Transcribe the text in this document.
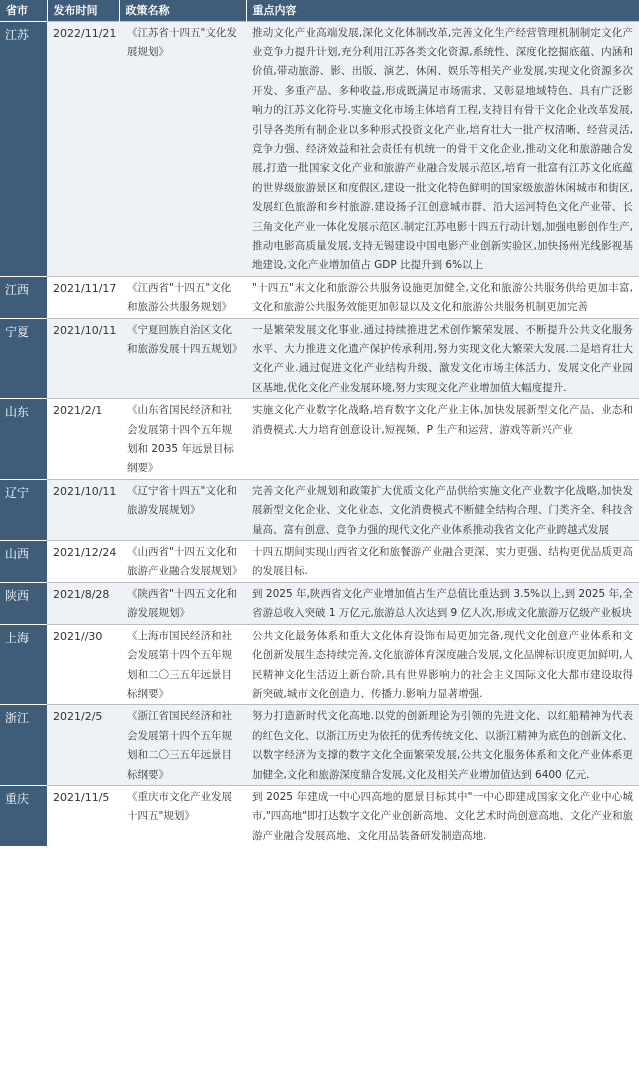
省市	发布时间	政策名称	重点内容
江苏	2022/11/21	《江苏省十四五"文化发展规划》	推动文化产业高端发展,深化文化体制改革,完善文化生产经营管理机制制定文化产业竞争力提升计划,充分利用江苏各类文化资源,系统性、深度化挖掘底蕴、内涵和价值,带动旅游、影、出版、演艺、休闲、娱乐等相关产业发展,实现文化资源多次开发、多重产品、多种收益,形成既满足市场需求、又彰显地域特色、具有广泛影响力的江苏文化符号.实施文化市场主体培育工程,支持目有骨干文化企业改革发展,引导各类所有制企业以多种形式投资文化产业,培育壮大一批产权清晰、经营灵活,竞争力强、经济效益和社会责任有机统一的骨干文化企业,推动文化和旅游融合发展,打造一批国家文化产业和旅游产业融合发展示范区,培育一批富有江苏文化底蕴的世界级旅游景区和度假区,建设一批文化特色鲜明的国家级旅游休闲城市和街区,发展红色旅游和乡村旅游.建设扬子江创意城市群、沿大运河特色文化产业带、长三角文化产业一体化发展示范区.制定江苏电影十四五行动计划,加强电影创作生产,推动电影高质量发展,支持无锡建设中国电影产业创新实验区,加快扬州光线影视基地建设,文化产业增加值占 GDP 比提升到 6%以上
江西	2021/11/17	《江西省"十四五"文化和旅游公共服务规划》	"十四五"末文化和旅游公共服务设施更加健全,文化和旅游公共服务供给更加丰富,文化和旅游公共服务效能更加彰显以及文化和旅游公共服务机制更加完善
宁夏	2021/10/11	《宁夏回族自治区文化和旅游发展十四五规划》	一是繁荣发展文化事业.通过持续推进艺术创作繁荣发展、不断提升公共文化服务水平、大力推进文化遗产保护传承利用,努力实现文化大繁荣大发展.二是培育壮大文化产业.通过促进文化产业结构升级、激发文化市场主体活力、发展文化产业园区基地,优化文化产业发展环境,努力实现文化产业增加值大幅度提升.
山东	2021/2/1	《山东省国民经济和社会发展第十四个五年规划和 2035 年远景目标纲要》	实施文化产业数字化战略,培育数字文化产业主体,加快发展新型文化产品、业态和消费模式.大力培育创意设计,短视频、P 生产和运营、游戏等新兴产业
辽宁	2021/10/11	《辽宁省十四五"文化和旅游发展规划》	完善文化产业规划和政策扩大优质文化产品供给实施文化产业数字化战略,加快发展新型文化企业、文化业态、文化消费模式不断健全结构合理、门类齐全、科技含量高、富有创意、竞争力强的现代文化产业体系推动我省文化产业跨越式发展
山西	2021/12/24	《山西省"十四五文化和旅游产业融合发展规划》	十四五期间实现山西省文化和旅餐游产业融合更深、实力更强、结构更优品质更高的发展目标.
陕西	2021/8/28	《陕西省"十四五文化和游发展规划》	到 2025 年,陕西省文化产业增加值占生产总值比重达到 3.5%以上,到 2025 年,全省游总收入突破 1 万亿元,旅游总人次达到 9 亿人次,形成文化旅游万亿级产业板块
上海	2021//30	《上海市国民经济和社会发展第十四个五年规划和二〇三五年远景目标纲要》	公共文化最务体系和重大文化体育设饰布局更加完备,现代文化创意产业体系和文化创新发展生态持续完善,文化旅游体育深度融合发展,文化品牌标识度更加鲜明,人民精神文化生活迈上新台阶,具有世界影响力的社会主义国际文化大都市建设取得新突破,城市文化创造力、传播力.影响力显著增强.
浙江	2021/2/5	《浙江省国民经济和社会发展第十四个五年规划和二〇三五年远景目标纲要》	努力打造新时代文化高地.以党的创新理论为引领的先进文化、以红船精神为代表的红色文化、以浙江历史为依托的优秀传统文化、以浙江精神为底色的创新文化、以数字经济为支撑的数字文化全面繁荣发展,公共文化服务体系和文化产业体系更加健全,文化和旅游深度鼎合发展,文化及相关产业增加值达到 6400 亿元.
重庆	2021/11/5	《重庆市文化产业发展十四五"规划》	到 2025 年建成一中心四高地的愿景目标其中"一中心即建成国家文化产业中心城市,"四高地"即打达数字文化产业创新高地、文化艺术时尚创意高地、文化产业和旅游产业融合发展高地、文化用品装备研发制造高地.
